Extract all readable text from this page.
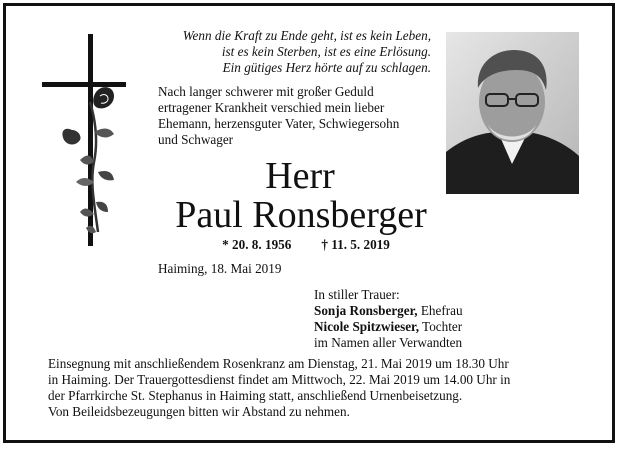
Wenn die Kraft zu Ende geht, ist es kein Leben,
ist es kein Sterben, ist es eine Erlösung.
Ein gütiges Herz hörte auf zu schlagen.
Nach langer schwerer mit großer Geduld
ertragener Krankheit verschied mein lieber
Ehemann, herzensguter Vater, Schwiegersohn
und Schwager
Herr
Paul Ronsberger
* 20. 8. 1956 † 11. 5. 2019
Haiming, 18. Mai 2019
In stiller Trauer:
Sonja Ronsberger, Ehefrau
Nicole Spitzwieser, Tochter
im Namen aller Verwandten
Einsegnung mit anschließendem Rosenkranz am Dienstag, 21. Mai 2019 um 18.30 Uhr
in Haiming. Der Trauergottesdienst findet am Mittwoch, 22. Mai 2019 um 14.00 Uhr in
der Pfarrkirche St. Stephanus in Haiming statt, anschließend Urnenbeisetzung.
Von Beileidsbezeugungen bitten wir Abstand zu nehmen.
